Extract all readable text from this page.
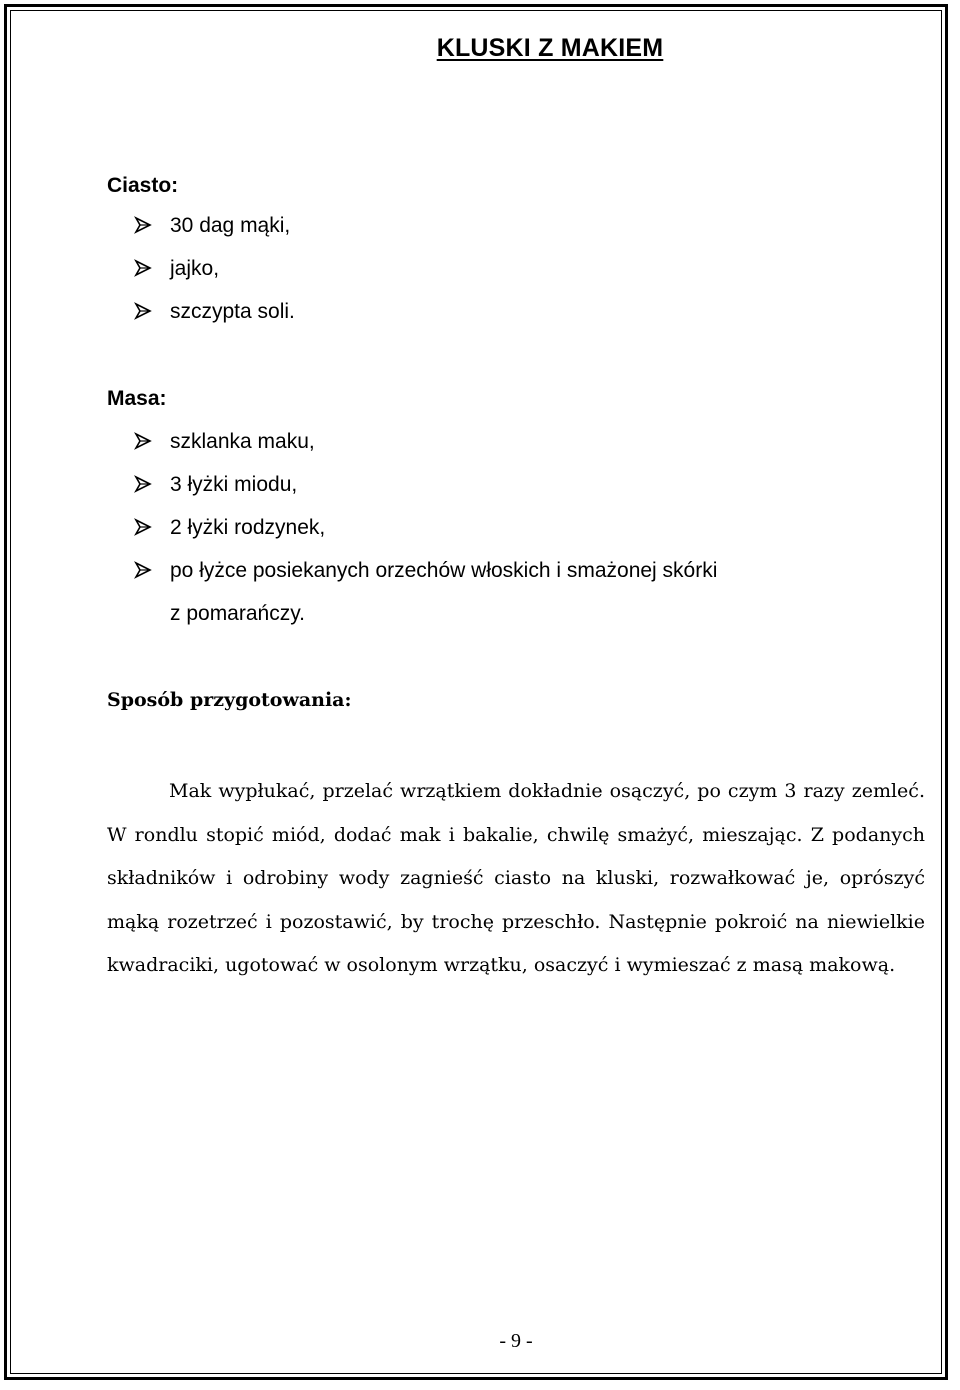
KLUSKI Z MAKIEM
Ciasto:
30 dag mąki,
jajko,
szczypta soli.
Masa:
szklanka maku,
3 łyżki miodu,
2 łyżki rodzynek,
po łyżce posiekanych orzechów włoskich i smażonej skórki
z pomarańczy.
Sposób przygotowania:

Mak wypłukać, przelać wrzątkiem dokładnie osączyć, po czym 3 razy zemleć. W rondlu stopić miód, dodać mak i bakalie, chwilę smażyć, mieszając. Z podanych składników i odrobiny wody zagnieść ciasto na kluski, rozwałkować je, oprószyć mąką rozetrzeć i pozostawić, by trochę przeschło. Następnie pokroić na niewielkie kwadraciki, ugotować w osolonym wrzątku, osaczyć i wymieszać z masą makową.

- 9 -
